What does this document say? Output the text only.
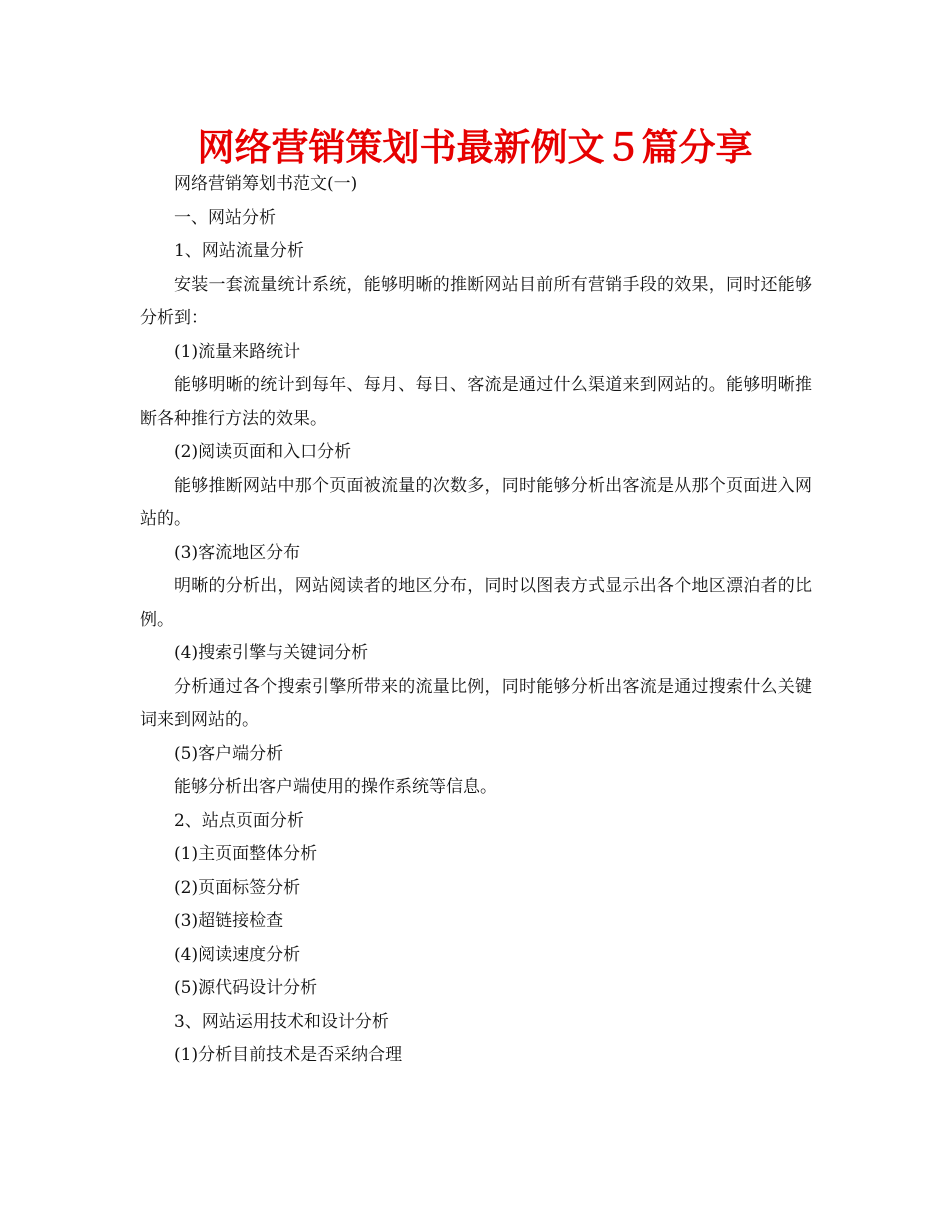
网络营销策划书最新例文５篇分享

网络营销筹划书范文(一)

一、网站分析

1、网站流量分析

安装一套流量统计系统，能够明晰的推断网站目前所有营销手段的效果，同时还能够分析到：

(1)流量来路统计

能够明晰的统计到每年、每月、每日、客流是通过什么渠道来到网站的。能够明晰推断各种推行方法的效果。

(2)阅读页面和入口分析

能够推断网站中那个页面被流量的次数多，同时能够分析出客流是从那个页面进入网站的。

(3)客流地区分布

明晰的分析出，网站阅读者的地区分布，同时以图表方式显示出各个地区漂泊者的比例。

(4)搜索引擎与关键词分析

分析通过各个搜索引擎所带来的流量比例，同时能够分析出客流是通过搜索什么关键词来到网站的。

(5)客户端分析

能够分析出客户端使用的操作系统等信息。

2、站点页面分析

(1)主页面整体分析

(2)页面标签分析

(3)超链接检查

(4)阅读速度分析

(5)源代码设计分析

3、网站运用技术和设计分析

(1)分析目前技术是否采纳合理
